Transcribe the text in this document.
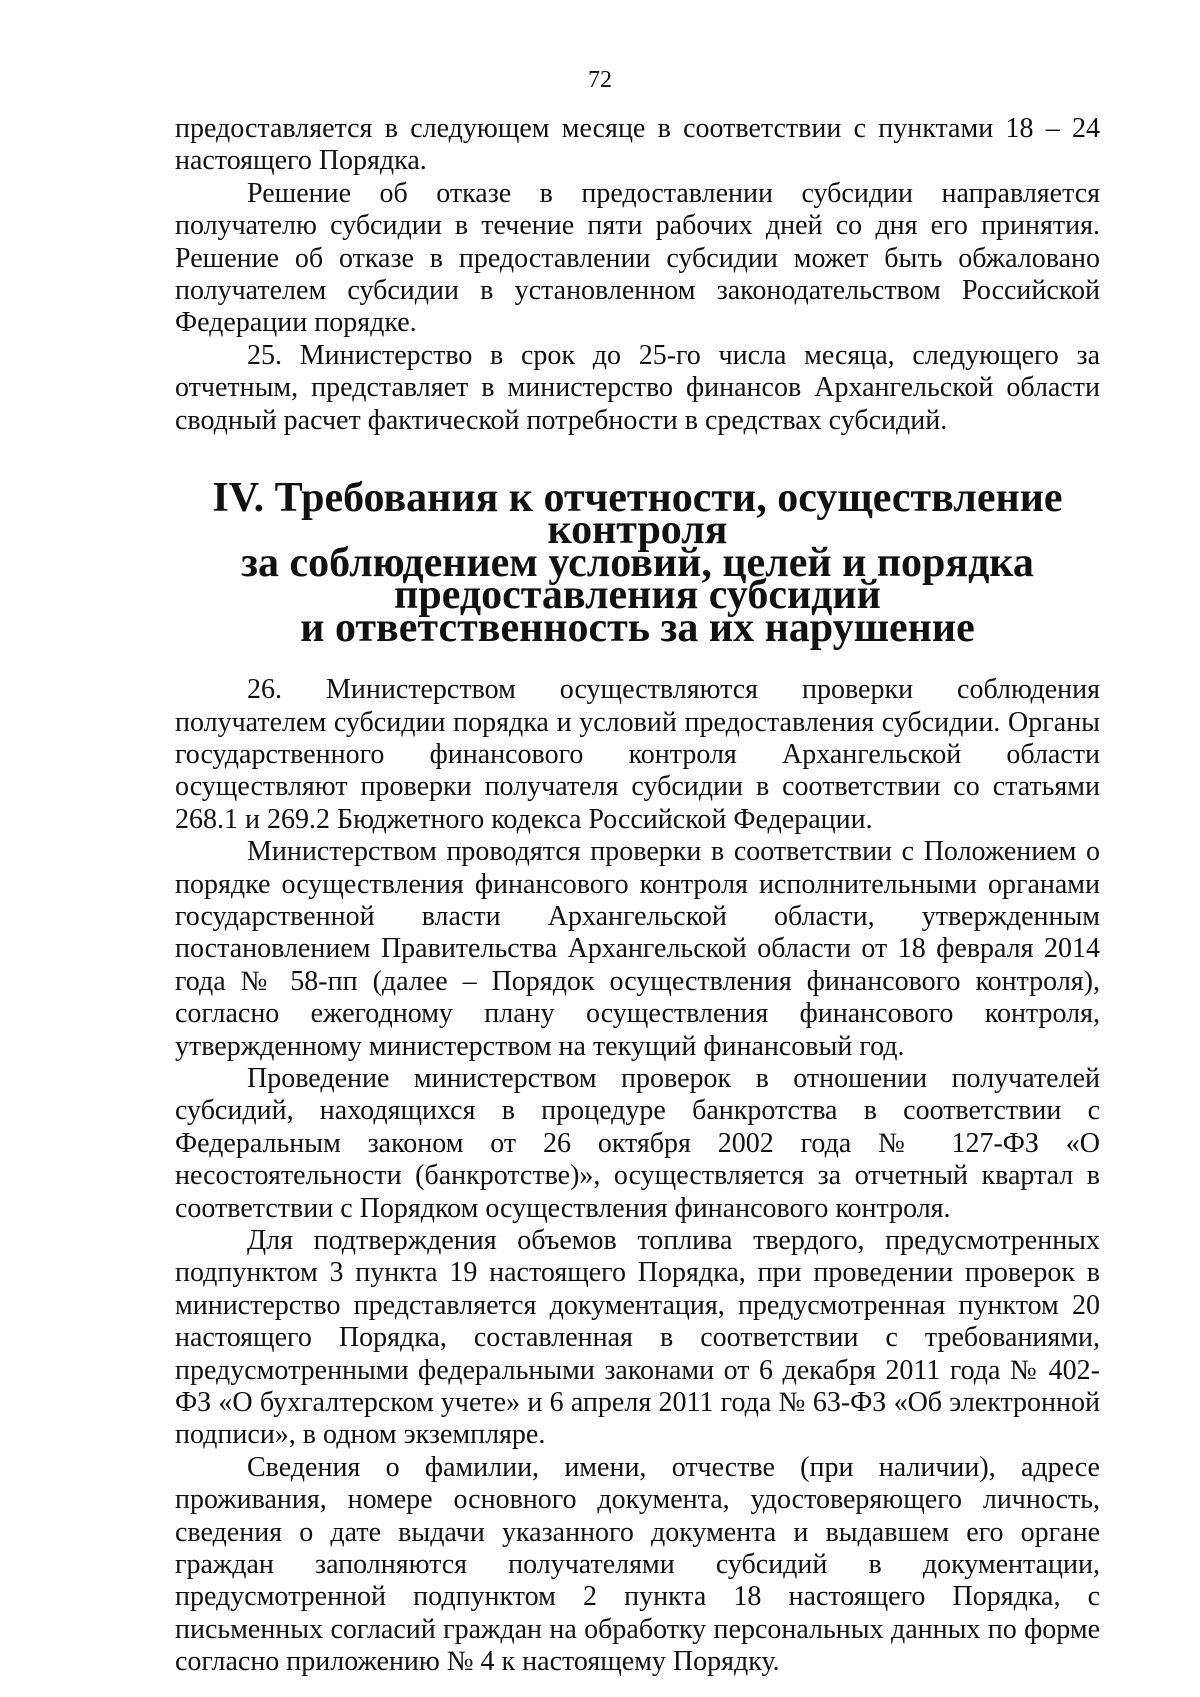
72

предоставляется в следующем месяце в соответствии с пунктами 18 – 24 настоящего Порядка.

Решение об отказе в предоставлении субсидии направляется получателю субсидии в течение пяти рабочих дней со дня его принятия. Решение об отказе в предоставлении субсидии может быть обжаловано получателем субсидии в установленном законодательством Российской Федерации порядке.

25. Министерство в срок до 25-го числа месяца, следующего за отчетным, представляет в министерство финансов Архангельской области сводный расчет фактической потребности в средствах субсидий.

IV. Требования к отчетности, осуществление контроля
за соблюдением условий, целей и порядка предоставления субсидий
и ответственность за их нарушение

26. Министерством осуществляются проверки соблюдения получателем субсидии порядка и условий предоставления субсидии. Органы государственного финансового контроля Архангельской области осуществляют проверки получателя субсидии в соответствии со статьями 268.1 и 269.2 Бюджетного кодекса Российской Федерации.

Министерством проводятся проверки в соответствии с Положением о порядке осуществления финансового контроля исполнительными органами государственной власти Архангельской области, утвержденным постановлением Правительства Архангельской области от 18 февраля 2014 года № 58-пп (далее – Порядок осуществления финансового контроля), согласно ежегодному плану осуществления финансового контроля, утвержденному министерством на текущий финансовый год.

Проведение министерством проверок в отношении получателей субсидий, находящихся в процедуре банкротства в соответствии с Федеральным законом от 26 октября 2002 года № 127-ФЗ «О несостоятельности (банкротстве)», осуществляется за отчетный квартал в соответствии с Порядком осуществления финансового контроля.

Для подтверждения объемов топлива твердого, предусмотренных подпунктом 3 пункта 19 настоящего Порядка, при проведении проверок в министерство представляется документация, предусмотренная пунктом 20 настоящего Порядка, составленная в соответствии с требованиями, предусмотренными федеральными законами от 6 декабря 2011 года № 402-ФЗ «О бухгалтерском учете» и 6 апреля 2011 года № 63-ФЗ «Об электронной подписи», в одном экземпляре.

Сведения о фамилии, имени, отчестве (при наличии), адресе проживания, номере основного документа, удостоверяющего личность, сведения о дате выдачи указанного документа и выдавшем его органе граждан заполняются получателями субсидий в документации, предусмотренной подпунктом 2 пункта 18 настоящего Порядка, с письменных согласий граждан на обработку персональных данных по форме согласно приложению № 4 к настоящему Порядку.
